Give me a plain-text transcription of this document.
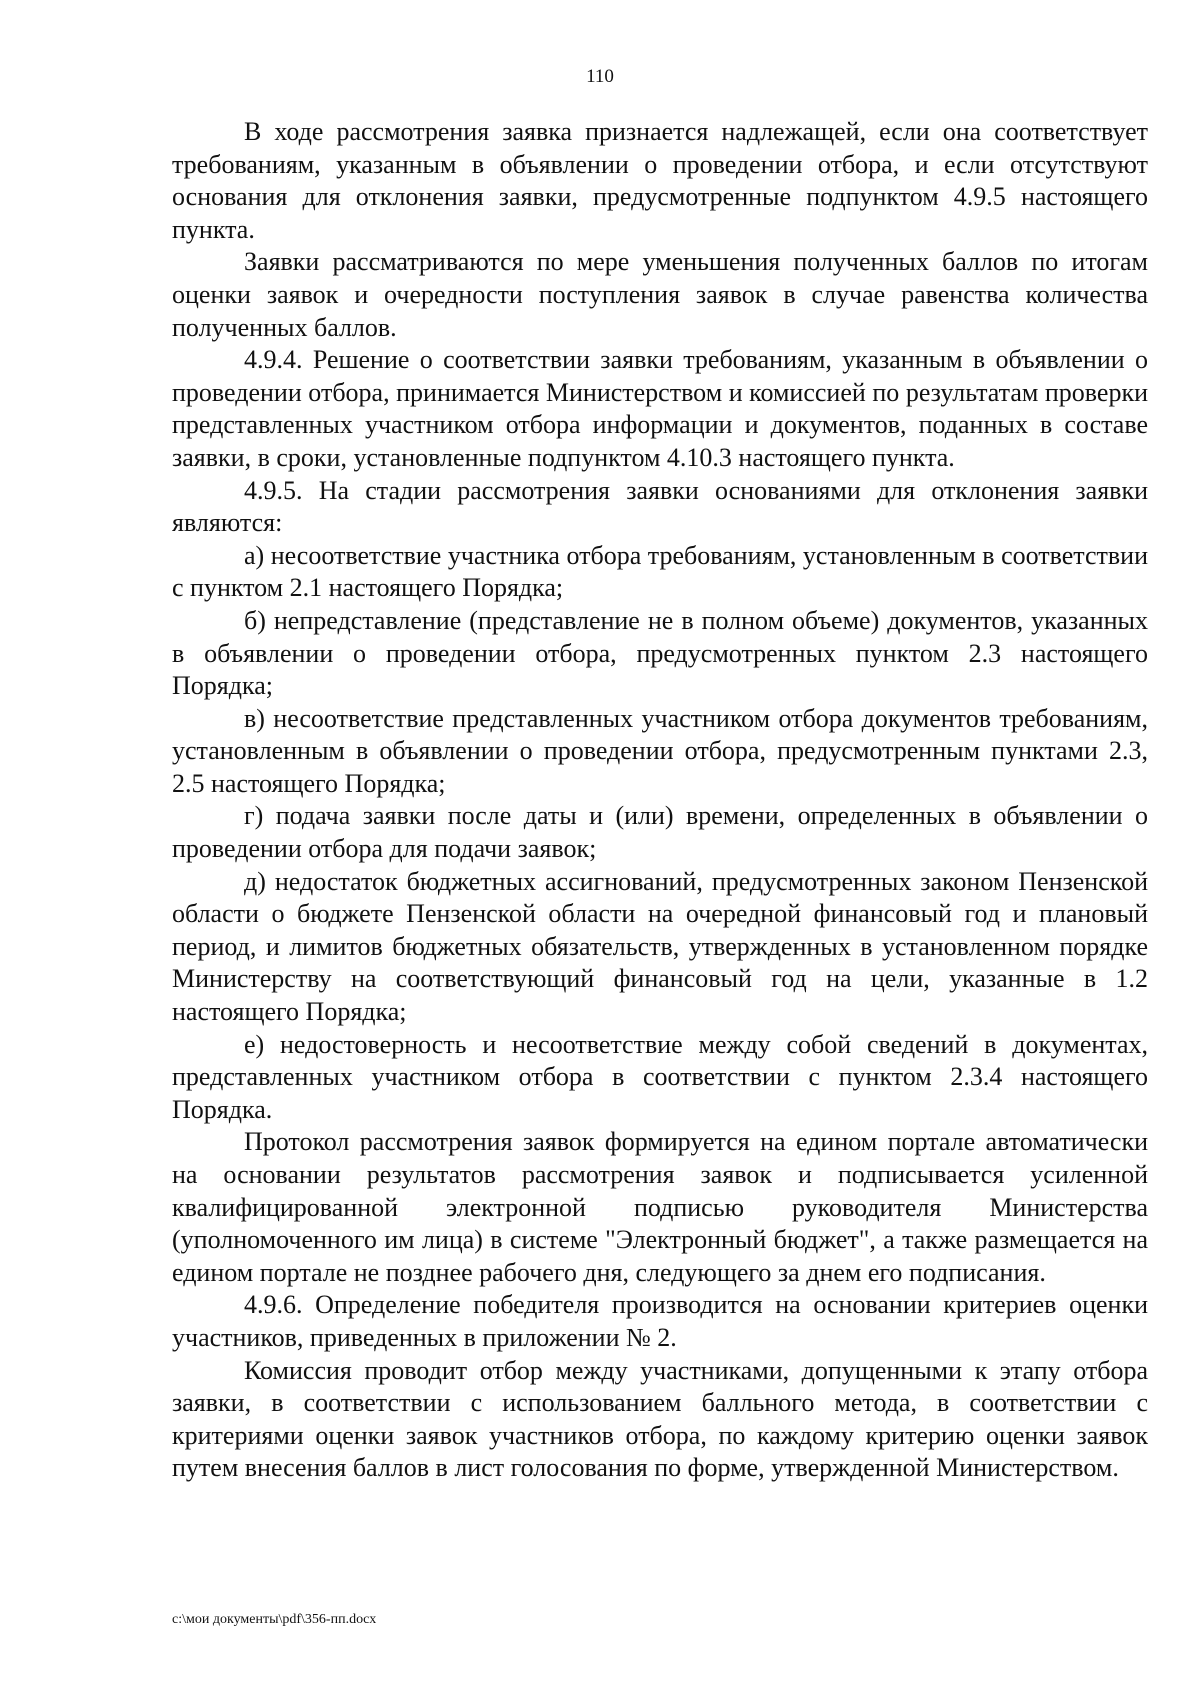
110

В ходе рассмотрения заявка признается надлежащей, если она соответствует требованиям, указанным в объявлении о проведении отбора, и если отсутствуют основания для отклонения заявки, предусмотренные подпунктом 4.9.5 настоящего пункта.

Заявки рассматриваются по мере уменьшения полученных баллов по итогам оценки заявок и очередности поступления заявок в случае равенства количества полученных баллов.

4.9.4. Решение о соответствии заявки требованиям, указанным в объявлении о проведении отбора, принимается Министерством и комиссией по результатам проверки представленных участником отбора информации и документов, поданных в составе заявки, в сроки, установленные подпунктом 4.10.3 настоящего пункта.

4.9.5. На стадии рассмотрения заявки основаниями для отклонения заявки являются:

а) несоответствие участника отбора требованиям, установленным в соответствии с пунктом 2.1 настоящего Порядка;

б) непредставление (представление не в полном объеме) документов, указанных в объявлении о проведении отбора, предусмотренных пунктом 2.3 настоящего Порядка;

в) несоответствие представленных участником отбора документов требованиям, установленным в объявлении о проведении отбора, предусмотренным пунктами 2.3, 2.5 настоящего Порядка;

г) подача заявки после даты и (или) времени, определенных в объявлении о проведении отбора для подачи заявок;

д) недостаток бюджетных ассигнований, предусмотренных законом Пензенской области о бюджете Пензенской области на очередной финансовый год и плановый период, и лимитов бюджетных обязательств, утвержденных в установленном порядке Министерству на соответствующий финансовый год на цели, указанные в 1.2 настоящего Порядка;

е) недостоверность и несоответствие между собой сведений в документах, представленных участником отбора в соответствии с пунктом 2.3.4 настоящего Порядка.

Протокол рассмотрения заявок формируется на едином портале автоматически на основании результатов рассмотрения заявок и подписывается усиленной квалифицированной электронной подписью руководителя Министерства (уполномоченного им лица) в системе "Электронный бюджет", а также размещается на едином портале не позднее рабочего дня, следующего за днем его подписания.

4.9.6. Определение победителя производится на основании критериев оценки участников, приведенных в приложении № 2.

Комиссия проводит отбор между участниками, допущенными к этапу отбора заявки, в соответствии с использованием балльного метода, в соответствии с критериями оценки заявок участников отбора, по каждому критерию оценки заявок путем внесения баллов в лист голосования по форме, утвержденной Министерством.

c:\мои документы\pdf\356-пп.docx
